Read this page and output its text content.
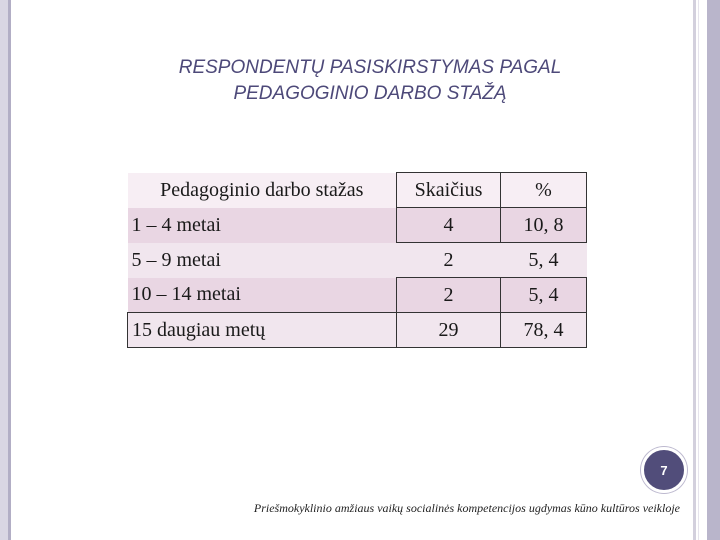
RESPONDENTŲ PASISKIRSTYMAS PAGAL
PEDAGOGINIO DARBO STAŽĄ
Pedagoginio darbo stažas	Skaičius	%
1 – 4 metai	4	10, 8
5 – 9 metai	2	5, 4
10 – 14 metai	2	5, 4
15 daugiau metų	29	78, 4
7
Priešmokyklinio amžiaus vaikų socialinės kompetencijos ugdymas kūno kultūros veikloje
